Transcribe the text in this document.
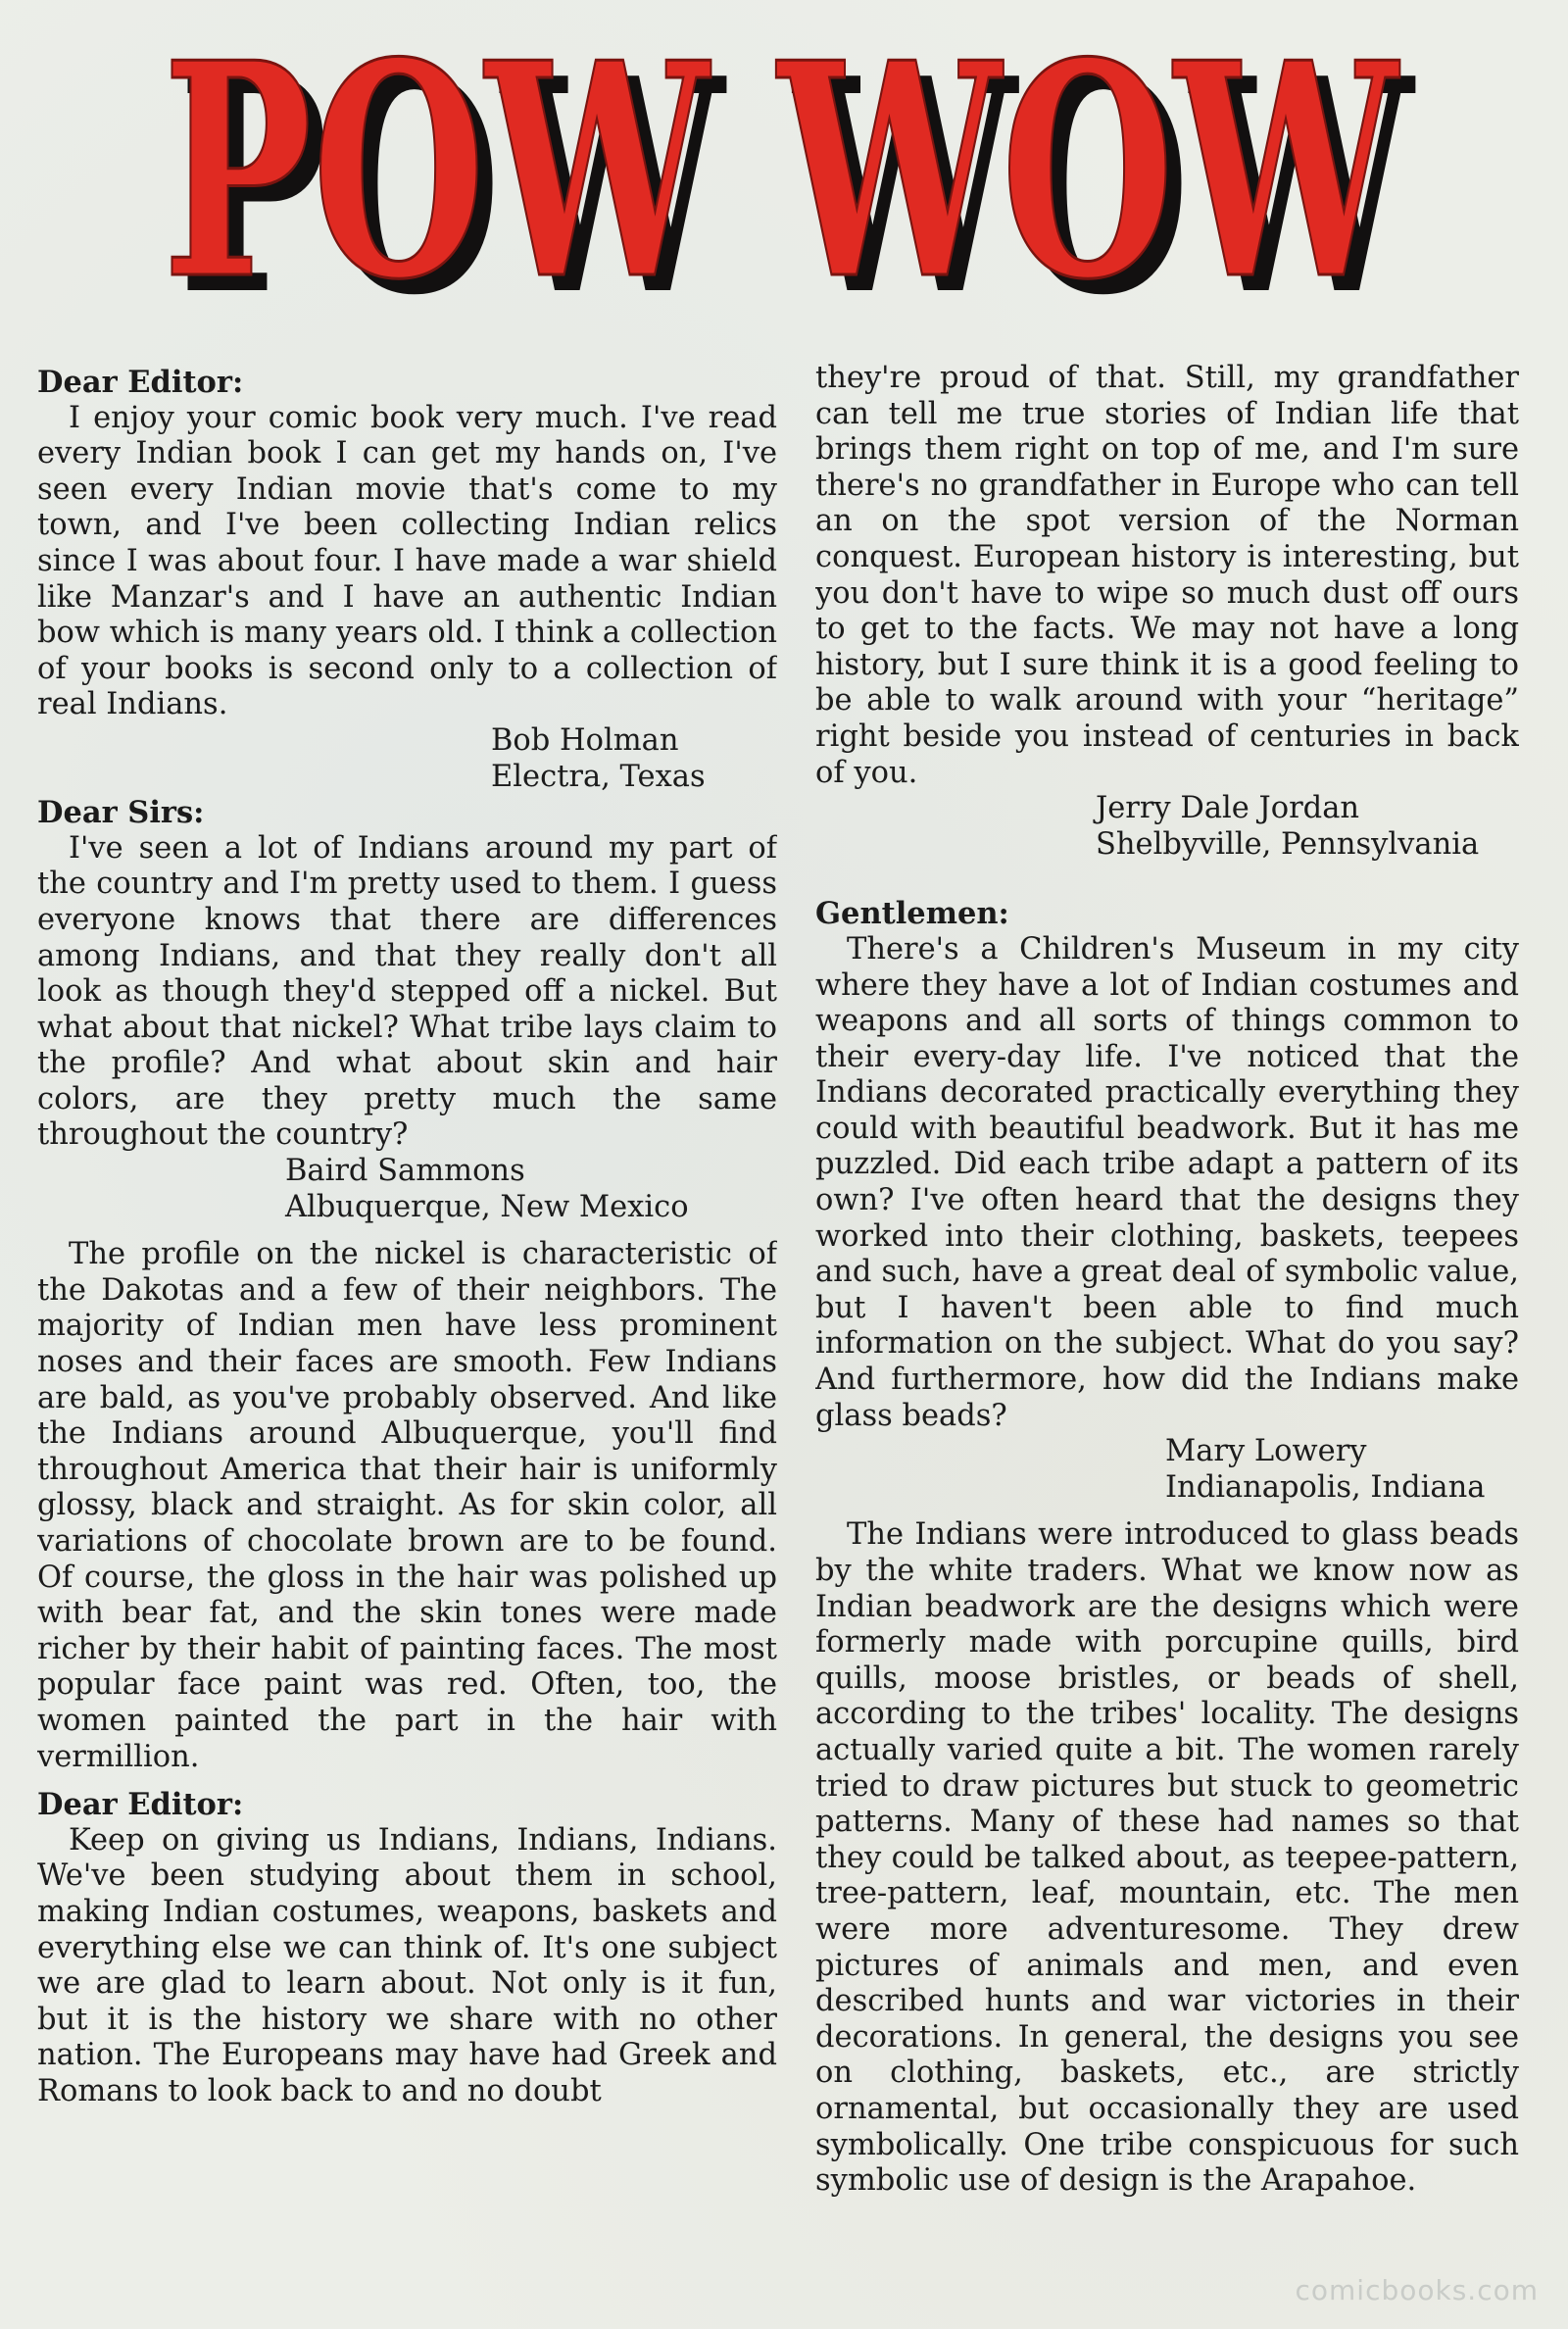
POW WOW
POW WOW

Dear Editor:

I enjoy your comic book very much. I've read every Indian book I can get my hands on, I've seen every Indian movie that's come to my town, and I've been collecting Indian relics since I was about four. I have made a war shield like Manzar's and I have an authentic Indian bow which is many years old. I think a collection of your books is second only to a collection of real Indians.

Bob Holman

Electra, Texas

Dear Sirs:

I've seen a lot of Indians around my part of the country and I'm pretty used to them. I guess everyone knows that there are differences among Indians, and that they really don't all look as though they'd stepped off a nickel. But what about that nickel? What tribe lays claim to the profile? And what about skin and hair colors, are they pretty much the same throughout the country?

Baird Sammons

Albuquerque, New Mexico

The profile on the nickel is characteristic of the Dakotas and a few of their neighbors. The majority of Indian men have less prominent noses and their faces are smooth. Few Indians are bald, as you've probably observed. And like the Indians around Albuquerque, you'll find throughout America that their hair is uniformly glossy, black and straight. As for skin color, all variations of chocolate brown are to be found. Of course, the gloss in the hair was polished up with bear fat, and the skin tones were made richer by their habit of painting faces. The most popular face paint was red. Often, too, the women painted the part in the hair with vermillion.

Dear Editor:

Keep on giving us Indians, Indians, Indians. We've been studying about them in school, making Indian costumes, weapons, baskets and everything else we can think of. It's one subject we are glad to learn about. Not only is it fun, but it is the history we share with no other nation. The Europeans may have had Greek and Romans to look back to and no doubt

they're proud of that. Still, my grandfather can tell me true stories of Indian life that brings them right on top of me, and I'm sure there's no grandfather in Europe who can tell an on the spot version of the Norman conquest. European history is interesting, but you don't have to wipe so much dust off ours to get to the facts. We may not have a long history, but I sure think it is a good feeling to be able to walk around with your “heritage” right beside you instead of centuries in back of you.

Jerry Dale Jordan

Shelbyville, Pennsylvania

Gentlemen:

There's a Children's Museum in my city where they have a lot of Indian costumes and weapons and all sorts of things common to their every-day life. I've noticed that the Indians decorated practically everything they could with beautiful beadwork. But it has me puzzled. Did each tribe adapt a pattern of its own? I've often heard that the designs they worked into their clothing, baskets, teepees and such, have a great deal of symbolic value, but I haven't been able to find much information on the subject. What do you say? And furthermore, how did the Indians make glass beads?

Mary Lowery

Indianapolis, Indiana

The Indians were introduced to glass beads by the white traders. What we know now as Indian beadwork are the designs which were formerly made with porcupine quills, bird quills, moose bristles, or beads of shell, according to the tribes' locality. The designs actually varied quite a bit. The women rarely tried to draw pictures but stuck to geometric patterns. Many of these had names so that they could be talked about, as teepee-pattern, tree-pattern, leaf, mountain, etc. The men were more adventuresome. They drew pictures of animals and men, and even described hunts and war victories in their decorations. In general, the designs you see on clothing, baskets, etc., are strictly ornamental, but occasionally they are used symbolically. One tribe conspicuous for such symbolic use of design is the Arapahoe.

comicbooks.com
